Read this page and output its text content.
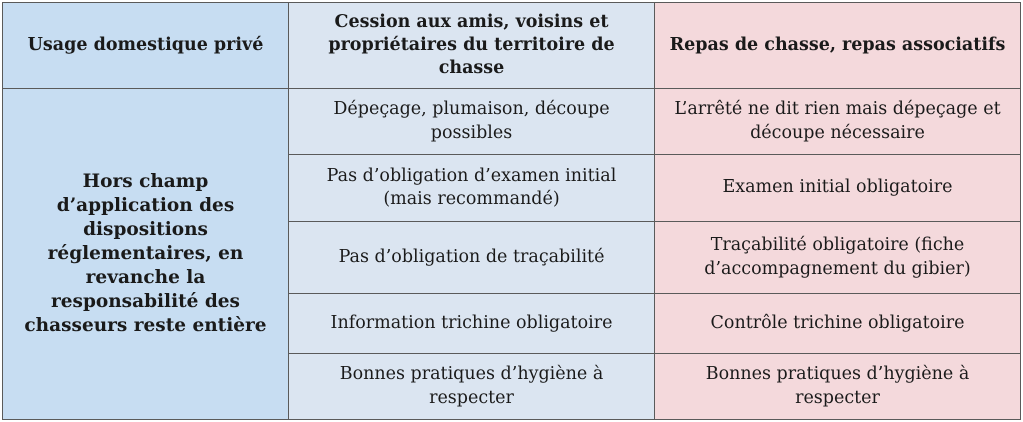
Usage domestique privé	Cession aux amis, voisins et propriétaires du territoire de chasse	Repas de chasse, repas associatifs
Hors champ d’application des dispositions réglementaires, en revanche la responsabilité des chasseurs reste entière	Dépeçage, plumaison, découpe possibles	L’arrêté ne dit rien mais dépeçage et découpe nécessaire
	Pas d’obligation d’examen initial (mais recommandé)	Examen initial obligatoire
	Pas d’obligation de traçabilité	Traçabilité obligatoire (fiche d’accompagnement du gibier)
	Information trichine obligatoire	Contrôle trichine obligatoire
	Bonnes pratiques d’hygiène à respecter	Bonnes pratiques d’hygiène à respecter
